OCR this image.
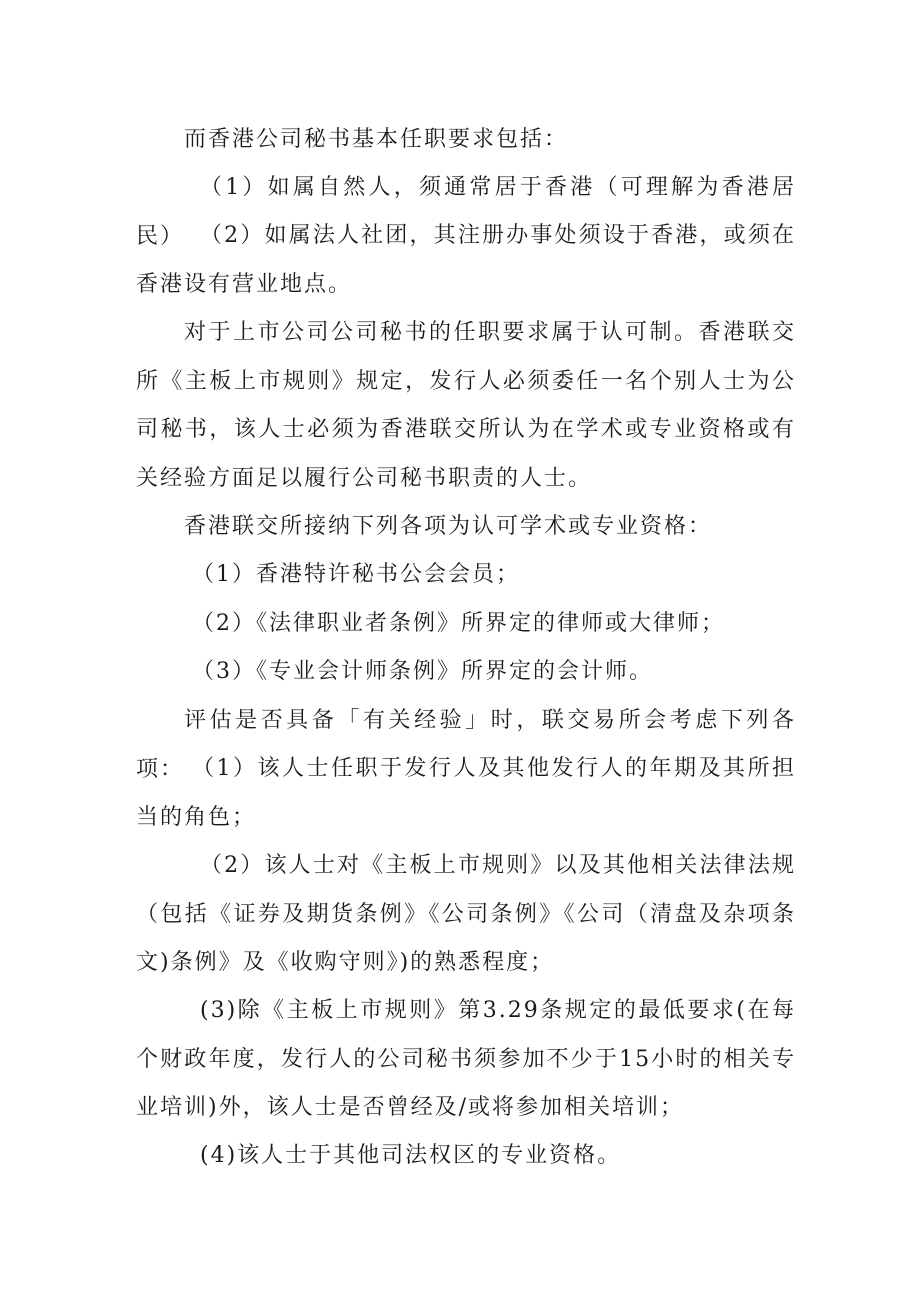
而香港公司秘书基本任职要求包括：

（1）如属自然人，须通常居于香港（可理解为香港居民） （2）如属法人社团，其注册办事处须设于香港，或须在香港设有营业地点。

对于上市公司公司秘书的任职要求属于认可制。香港联交所《主板上市规则》规定，发行人必须委任一名个别人士为公司秘书，该人士必须为香港联交所认为在学术或专业资格或有关经验方面足以履行公司秘书职责的人士。

香港联交所接纳下列各项为认可学术或专业资格：

（1）香港特许秘书公会会员；

（2）《法律职业者条例》所界定的律师或大律师；

（3）《专业会计师条例》所界定的会计师。

评估是否具备「有关经验」时，联交易所会考虑下列各项： （1）该人士任职于发行人及其他发行人的年期及其所担当的角色；

（2）该人士对《主板上市规则》以及其他相关法律法规（包括《证券及期货条例》《公司条例》《公司（清盘及杂项条文)条例》及《收购守则》)的熟悉程度；

(3)除《主板上市规则》第3.29条规定的最低要求(在每个财政年度，发行人的公司秘书须参加不少于15小时的相关专业培训)外，该人士是否曾经及/或将参加相关培训；

(4)该人士于其他司法权区的专业资格。
